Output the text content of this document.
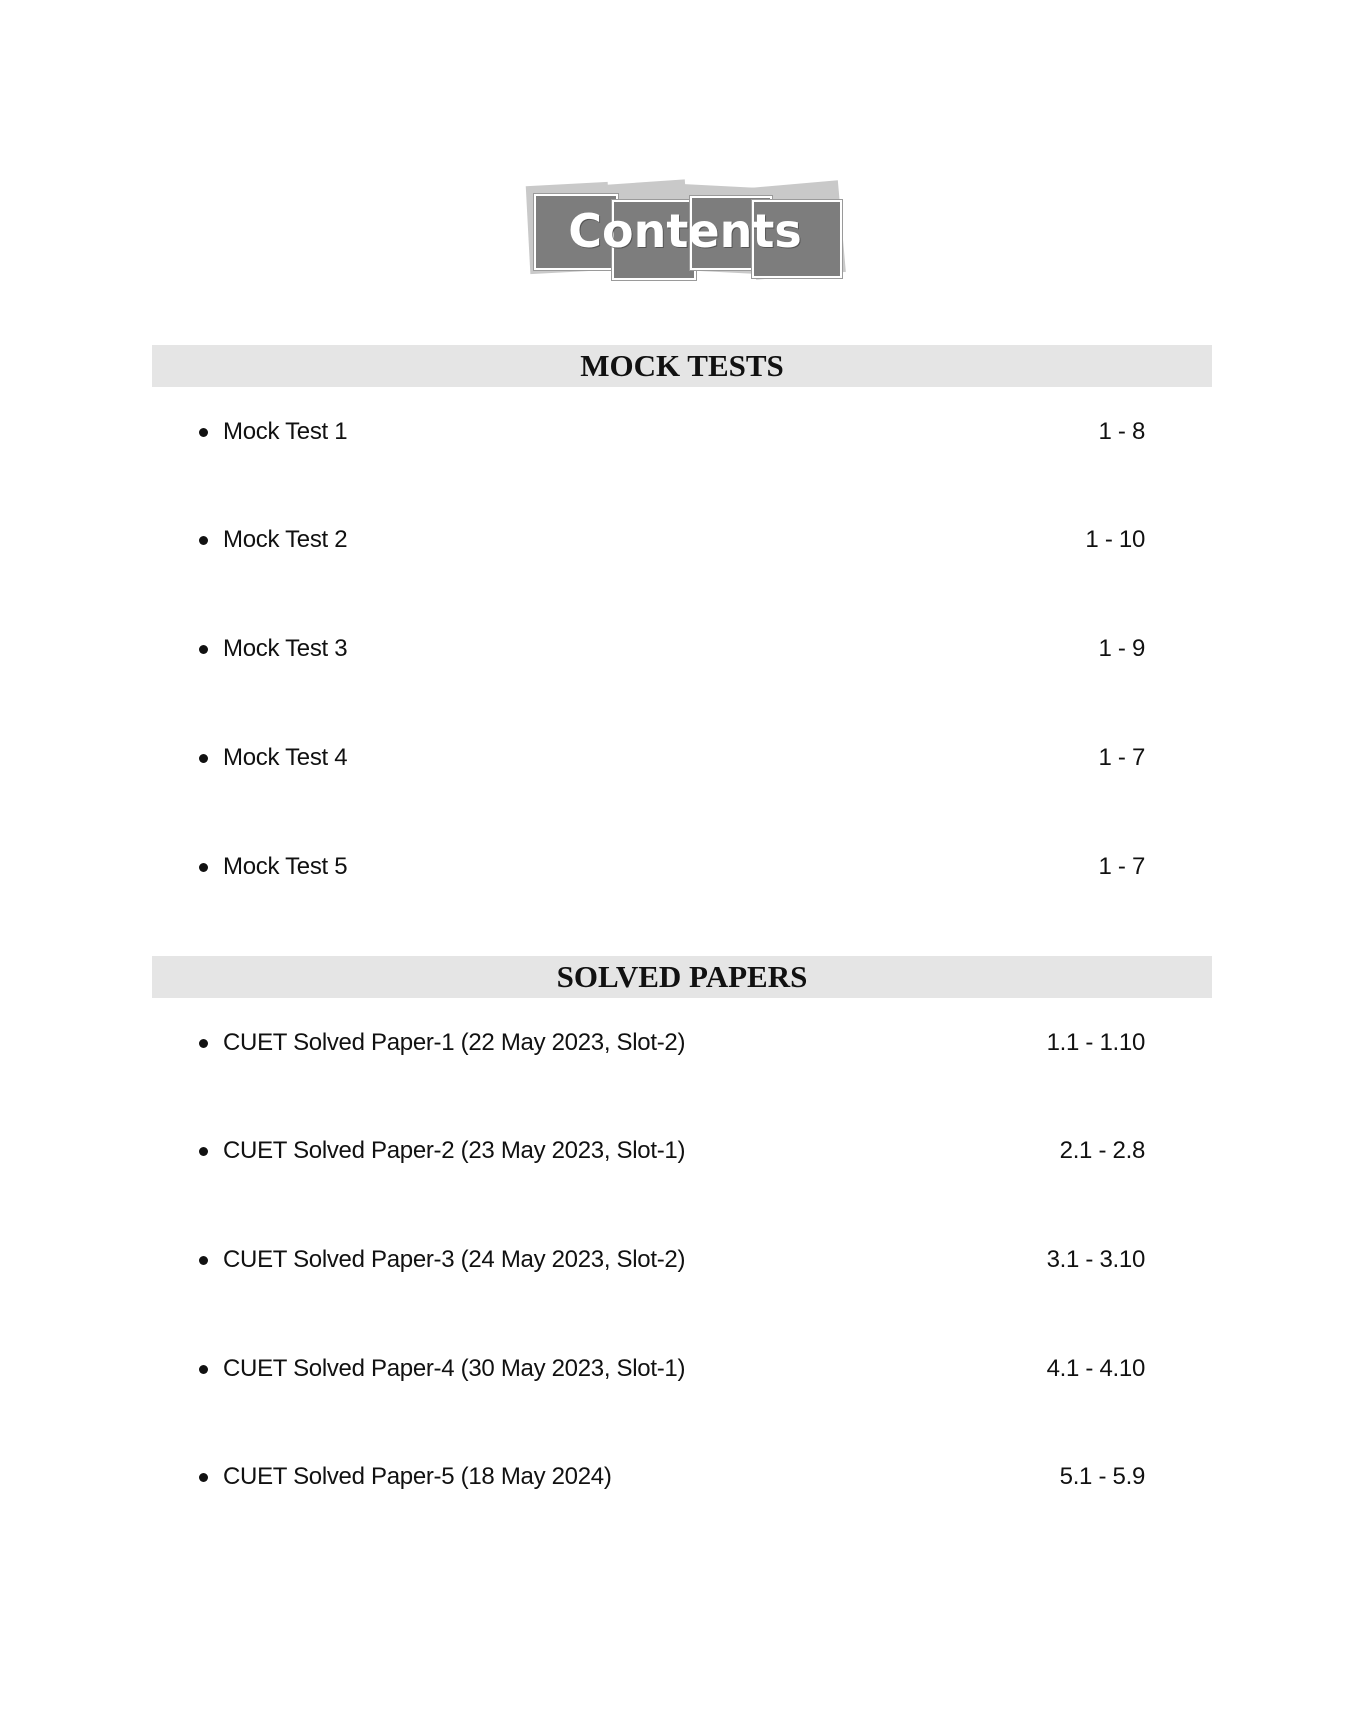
Contents
MOCK TESTS
Mock Test 1	1 - 8
Mock Test 2	1 - 10
Mock Test 3	1 - 9
Mock Test 4	1 - 7
Mock Test 5	1 - 7
SOLVED PAPERS
CUET Solved Paper-1 (22 May 2023, Slot-2)	1.1 - 1.10
CUET Solved Paper-2 (23 May 2023, Slot-1)	2.1 - 2.8
CUET Solved Paper-3 (24 May 2023, Slot-2)	3.1 - 3.10
CUET Solved Paper-4 (30 May 2023, Slot-1)	4.1 - 4.10
CUET Solved Paper-5 (18 May 2024)	5.1 - 5.9
